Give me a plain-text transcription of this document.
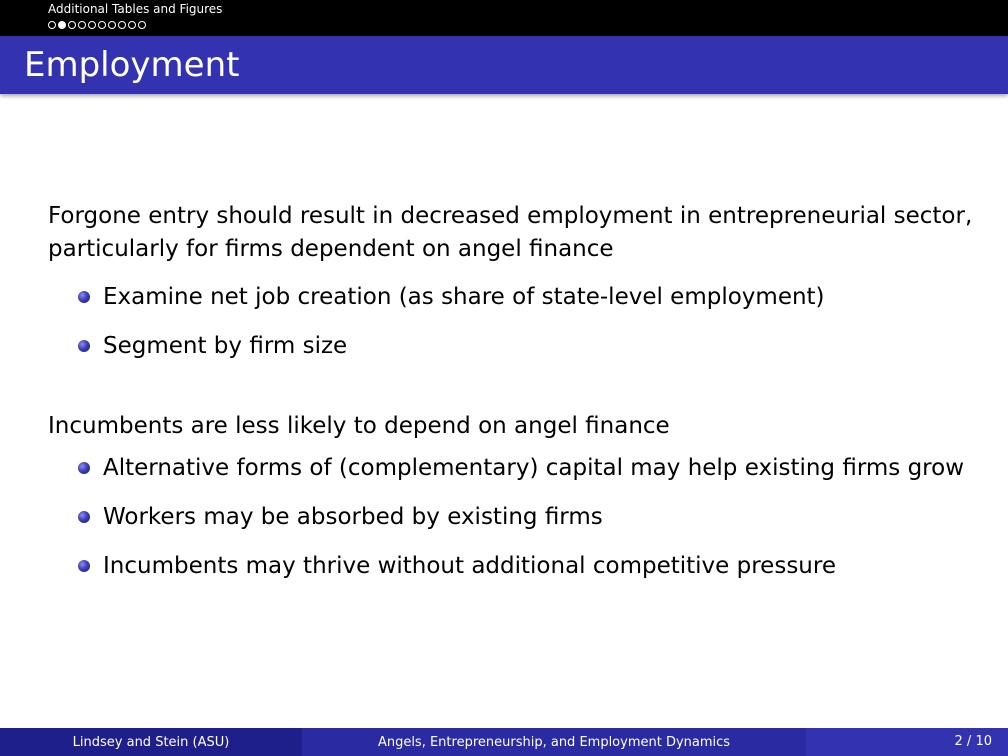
Additional Tables and Figures
Employment

Forgone entry should result in decreased employment in entrepreneurial sector, particularly for firms dependent on angel finance

Examine net job creation (as share of state-level employment)
Segment by firm size

Incumbents are less likely to depend on angel finance

Alternative forms of (complementary) capital may help existing firms grow
Workers may be absorbed by existing firms
Incumbents may thrive without additional competitive pressure
Lindsey and Stein (ASU)	Angels, Entrepreneurship, and Employment Dynamics	2 / 10
